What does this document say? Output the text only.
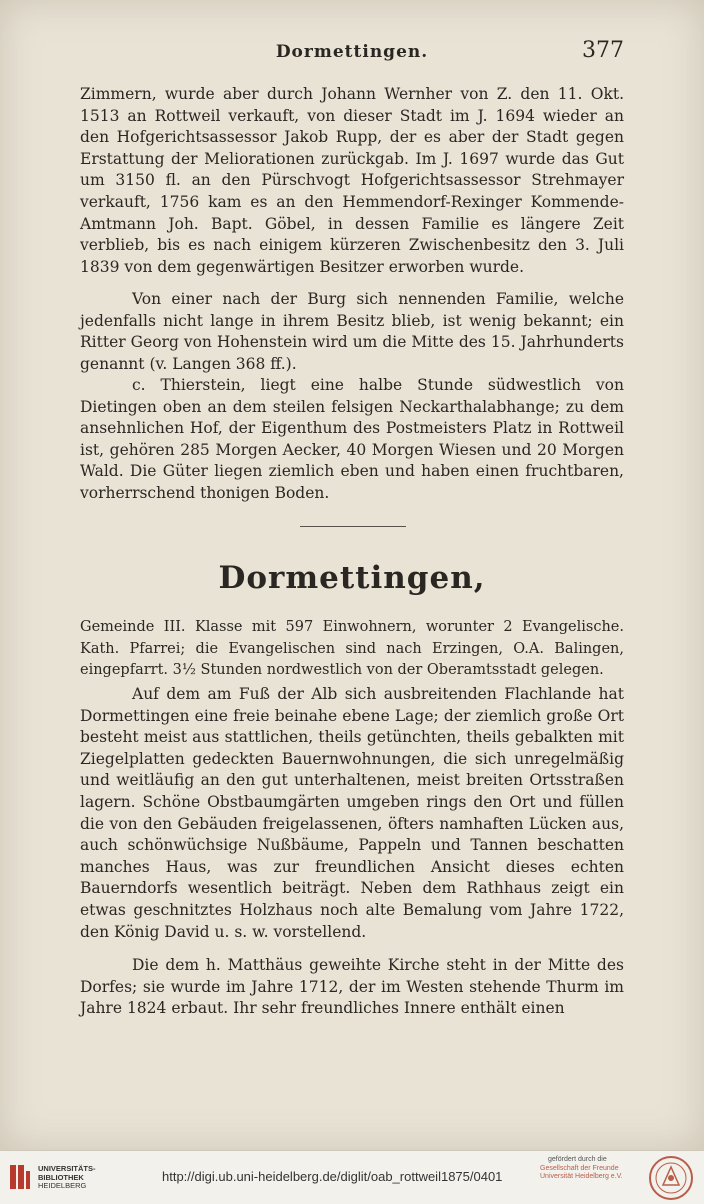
Dormettingen.	377

Zimmern, wurde aber durch Johann Wernher von Z. den 11. Okt. 1513 an Rottweil verkauft, von dieser Stadt im J. 1694 wieder an den Hofgerichtsassessor Jakob Rupp, der es aber der Stadt gegen Erstattung der Meliorationen zurückgab. Im J. 1697 wurde das Gut um 3150 fl. an den Pürschvogt Hofgerichtsassessor Strehmayer verkauft, 1756 kam es an den Hemmendorf-Rexinger Kommende-Amtmann Joh. Bapt. Göbel, in dessen Familie es längere Zeit verblieb, bis es nach einigem kürzeren Zwischenbesitz den 3. Juli 1839 von dem gegenwärtigen Besitzer erworben wurde.

Von einer nach der Burg sich nennenden Familie, welche jedenfalls nicht lange in ihrem Besitz blieb, ist wenig bekannt; ein Ritter Georg von Hohenstein wird um die Mitte des 15. Jahrhunderts genannt (v. Langen 368 ff.).

c. Thierstein, liegt eine halbe Stunde südwestlich von Dietingen oben an dem steilen felsigen Neckarthalabhange; zu dem ansehnlichen Hof, der Eigenthum des Postmeisters Platz in Rottweil ist, gehören 285 Morgen Aecker, 40 Morgen Wiesen und 20 Morgen Wald. Die Güter liegen ziemlich eben und haben einen fruchtbaren, vorherrschend thonigen Boden.

Dormettingen,

Gemeinde III. Klasse mit 597 Einwohnern, worunter 2 Evangelische. Kath. Pfarrei; die Evangelischen sind nach Erzingen, O.A. Balingen, eingepfarrt. 3½ Stunden nordwestlich von der Oberamtsstadt gelegen.

Auf dem am Fuß der Alb sich ausbreitenden Flachlande hat Dormettingen eine freie beinahe ebene Lage; der ziemlich große Ort besteht meist aus stattlichen, theils getünchten, theils gebalkten mit Ziegelplatten gedeckten Bauernwohnungen, die sich unregelmäßig und weitläufig an den gut unterhaltenen, meist breiten Ortsstraßen lagern. Schöne Obstbaumgärten umgeben rings den Ort und füllen die von den Gebäuden freigelassenen, öfters namhaften Lücken aus, auch schönwüchsige Nußbäume, Pappeln und Tannen beschatten manches Haus, was zur freundlichen Ansicht dieses echten Bauerndorfs wesentlich beiträgt. Neben dem Rathhaus zeigt ein etwas geschnitztes Holzhaus noch alte Bemalung vom Jahre 1722, den König David u. s. w. vorstellend.

Die dem h. Matthäus geweihte Kirche steht in der Mitte des Dorfes; sie wurde im Jahre 1712, der im Westen stehende Thurm im Jahre 1824 erbaut. Ihr sehr freundliches Innere enthält einen

UNIVERSITÄTS-
BIBLIOTHEK
HEIDELBERG
http://digi.ub.uni-heidelberg.de/diglit/oab_rottweil1875/0401
gefördert durch die
Gesellschaft der Freunde
Universität Heidelberg e.V.
